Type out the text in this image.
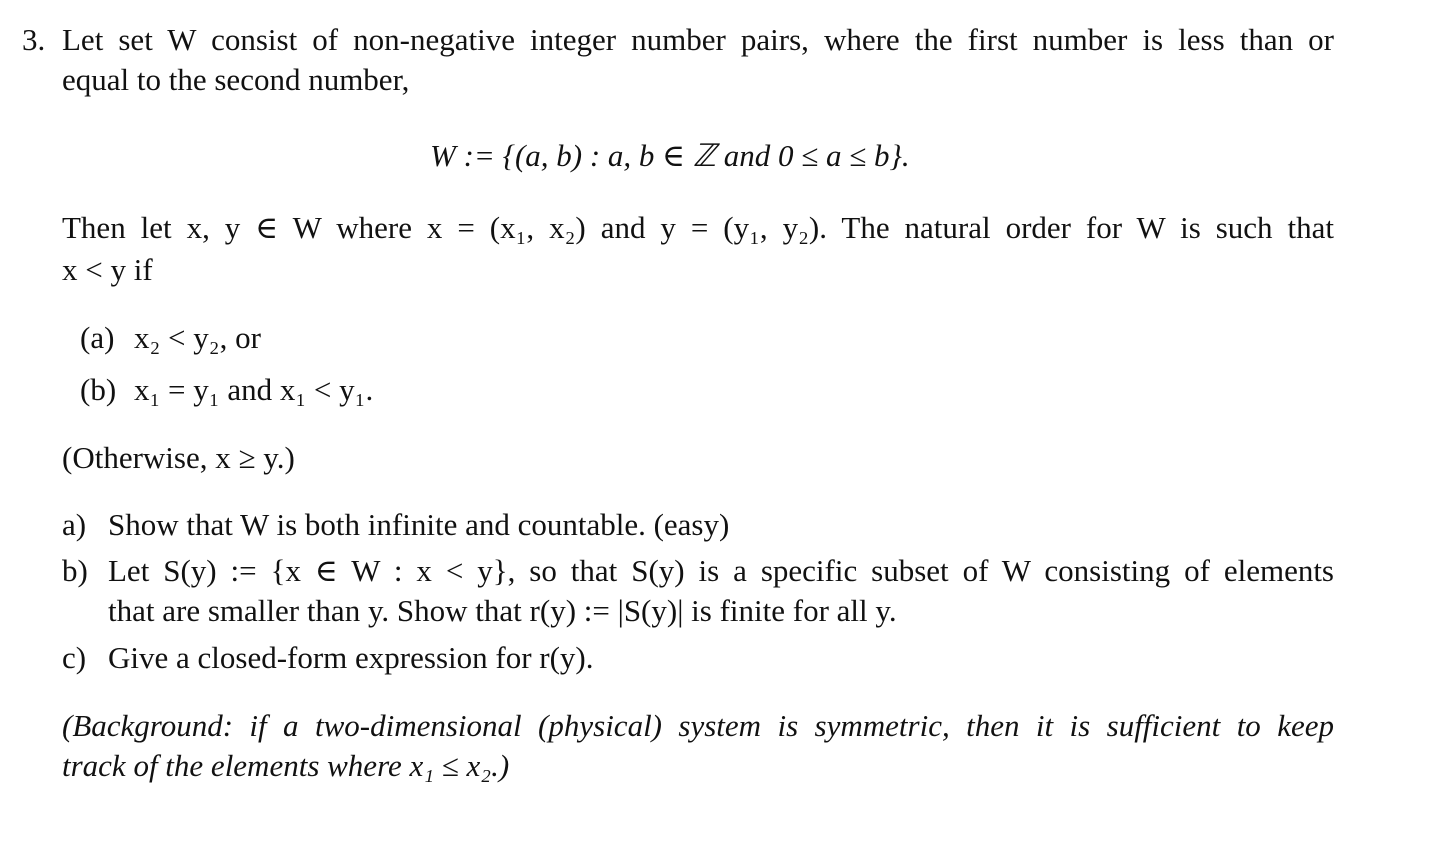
3. Let set W consist of non-negative integer number pairs, where the first number is less than or
equal to the second number,
W := {(a, b) : a, b ∈ ℤ and 0 ≤ a ≤ b}.
Then let x, y ∈ W where x = (x₁, x₂) and y = (y₁, y₂). The natural order for W is such that
x < y if
(a) x₂ < y₂, or
(b) x₁ = y₁ and x₁ < y₁.
(Otherwise, x ≥ y.)
a) Show that W is both infinite and countable. (easy)
b) Let S(y) := {x ∈ W : x < y}, so that S(y) is a specific subset of W consisting of elements
that are smaller than y. Show that r(y) := |S(y)| is finite for all y.
c) Give a closed-form expression for r(y).
(Background: if a two-dimensional (physical) system is symmetric, then it is sufficient to keep
track of the elements where x₁ ≤ x₂.)
